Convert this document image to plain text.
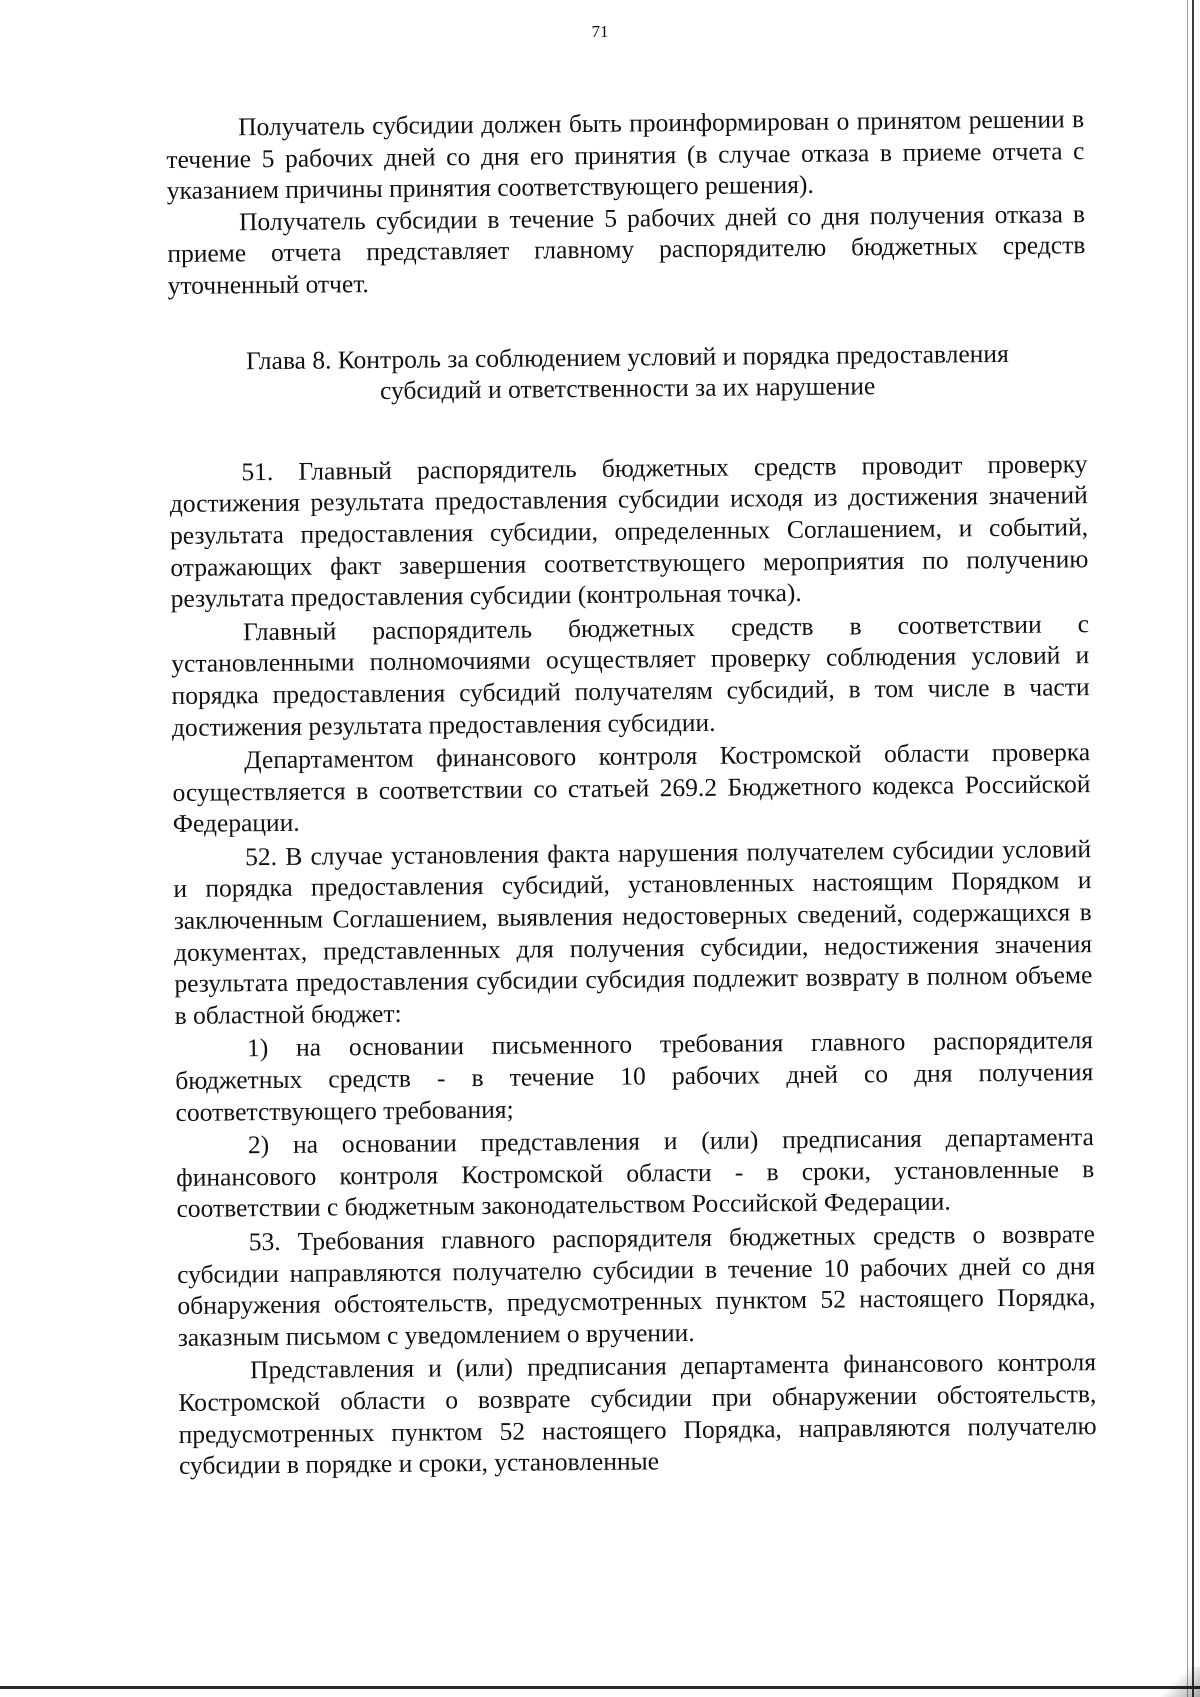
71

Получатель субсидии должен быть проинформирован о принятом решении в течение 5 рабочих дней со дня его принятия (в случае отказа в приеме отчета с указанием причины принятия соответствующего решения).

Получатель субсидии в течение 5 рабочих дней со дня получения отказа в приеме отчета представляет главному распорядителю бюджетных средств уточненный отчет.

Глава 8. Контроль за соблюдением условий и порядка предоставления субсидий и ответственности за их нарушение

51. Главный распорядитель бюджетных средств проводит проверку достижения результата предоставления субсидии исходя из достижения значений результата предоставления субсидии, определенных Соглашением, и событий, отражающих факт завершения соответствующего мероприятия по получению результата предоставления субсидии (контрольная точка).

Главный распорядитель бюджетных средств в соответствии с установленными полномочиями осуществляет проверку соблюдения условий и порядка предоставления субсидий получателям субсидий, в том числе в части достижения результата предоставления субсидии.

Департаментом финансового контроля Костромской области проверка осуществляется в соответствии со статьей 269.2 Бюджетного кодекса Российской Федерации.

52. В случае установления факта нарушения получателем субсидии условий и порядка предоставления субсидий, установленных настоящим Порядком и заключенным Соглашением, выявления недостоверных сведений, содержащихся в документах, представленных для получения субсидии, недостижения значения результата предоставления субсидии субсидия подлежит возврату в полном объеме в областной бюджет:

1) на основании письменного требования главного распорядителя бюджетных средств - в течение 10 рабочих дней со дня получения соответствующего требования;

2) на основании представления и (или) предписания департамента финансового контроля Костромской области - в сроки, установленные в соответствии с бюджетным законодательством Российской Федерации.

53. Требования главного распорядителя бюджетных средств о возврате субсидии направляются получателю субсидии в течение 10 рабочих дней со дня обнаружения обстоятельств, предусмотренных пунктом 52 настоящего Порядка, заказным письмом с уведомлением о вручении.

Представления и (или) предписания департамента финансового контроля Костромской области о возврате субсидии при обнаружении обстоятельств, предусмотренных пунктом 52 настоящего Порядка, направляются получателю субсидии в порядке и сроки, установленные
